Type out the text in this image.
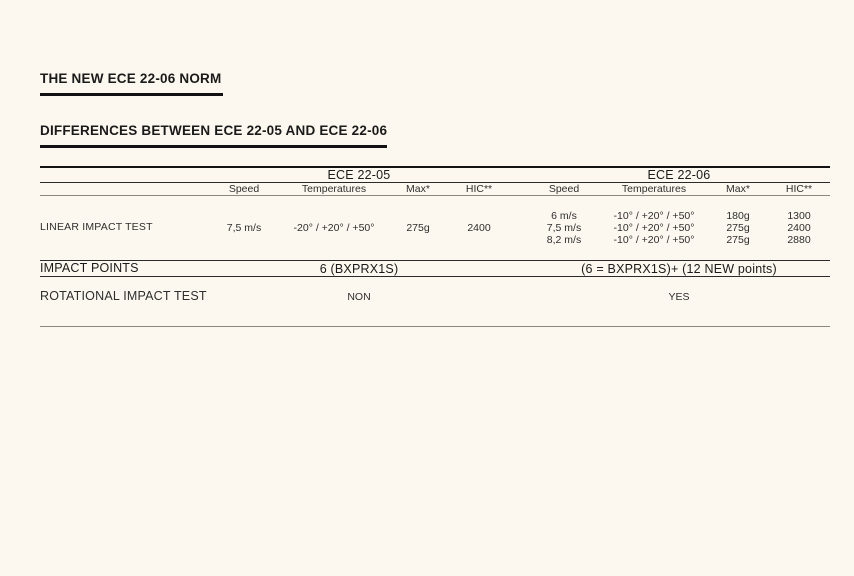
THE NEW ECE 22-06 NORM
DIFFERENCES BETWEEN ECE 22-05 AND ECE 22-06

	ECE 22-05					ECE 22-06			

	Speed	Temperatures	Max*	HIC**		Speed	Temperatures	Max*	HIC**

LINEAR IMPACT TEST						6 m/s	-10° / +20° / +50°	180g	1300
	7,5 m/s	-20° / +20° / +50°	275g	2400		7,5 m/s	-10° / +20° / +50°	275g	2400
						8,2 m/s	-10° / +20° / +50°	275g	2880

IMPACT POINTS	6 (BXPRX1S)					(6 = BXPRX1S)+ (12 NEW points)			

ROTATIONAL IMPACT TEST	NON					YES			
